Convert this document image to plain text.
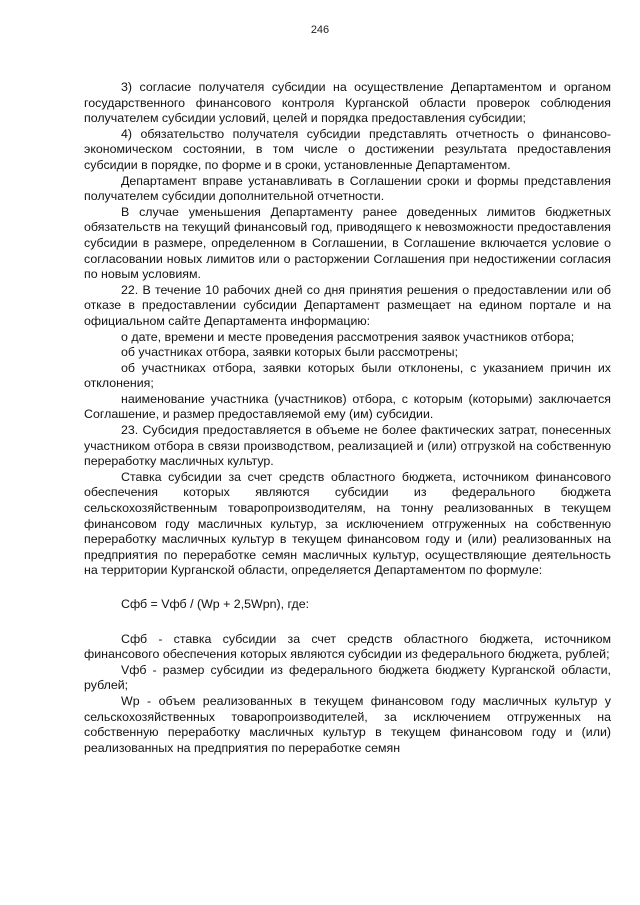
246

3) согласие получателя субсидии на осуществление Департаментом и органом государственного финансового контроля Курганской области проверок соблюдения получателем субсидии условий, целей и порядка предоставления субсидии;

4) обязательство получателя субсидии представлять отчетность о финансово-экономическом состоянии, в том числе о достижении результата предоставления субсидии в порядке, по форме и в сроки, установленные Департаментом.

Департамент вправе устанавливать в Соглашении сроки и формы представления получателем субсидии дополнительной отчетности.

В случае уменьшения Департаменту ранее доведенных лимитов бюджетных обязательств на текущий финансовый год, приводящего к невозможности предоставления субсидии в размере, определенном в Соглашении, в Соглашение включается условие о согласовании новых лимитов или о расторжении Соглашения при недостижении согласия по новым условиям.

22. В течение 10 рабочих дней со дня принятия решения о предоставлении или об отказе в предоставлении субсидии Департамент размещает на едином портале и на официальном сайте Департамента информацию:

о дате, времени и месте проведения рассмотрения заявок участников отбора;

об участниках отбора, заявки которых были рассмотрены;

об участниках отбора, заявки которых были отклонены, с указанием причин их отклонения;

наименование участника (участников) отбора, с которым (которыми) заключается Соглашение, и размер предоставляемой ему (им) субсидии.

23. Субсидия предоставляется в объеме не более фактических затрат, понесенных участником отбора в связи производством, реализацией и (или) отгрузкой на собственную переработку масличных культур.

Ставка субсидии за счет средств областного бюджета, источником финансового обеспечения которых являются субсидии из федерального бюджета сельскохозяйственным товаропроизводителям, на тонну реализованных в текущем финансовом году масличных культур, за исключением отгруженных на собственную переработку масличных культур в текущем финансовом году и (или) реализованных на предприятия по переработке семян масличных культур, осуществляющие деятельность на территории Курганской области, определяется Департаментом по формуле:

Сфб = Vфб / (Wp + 2,5Wpn), где:

Сфб - ставка субсидии за счет средств областного бюджета, источником финансового обеспечения которых являются субсидии из федерального бюджета, рублей;

Vфб - размер субсидии из федерального бюджета бюджету Курганской области, рублей;

Wp - объем реализованных в текущем финансовом году масличных культур у сельскохозяйственных товаропроизводителей, за исключением отгруженных на собственную переработку масличных культур в текущем финансовом году и (или) реализованных на предприятия по переработке семян
